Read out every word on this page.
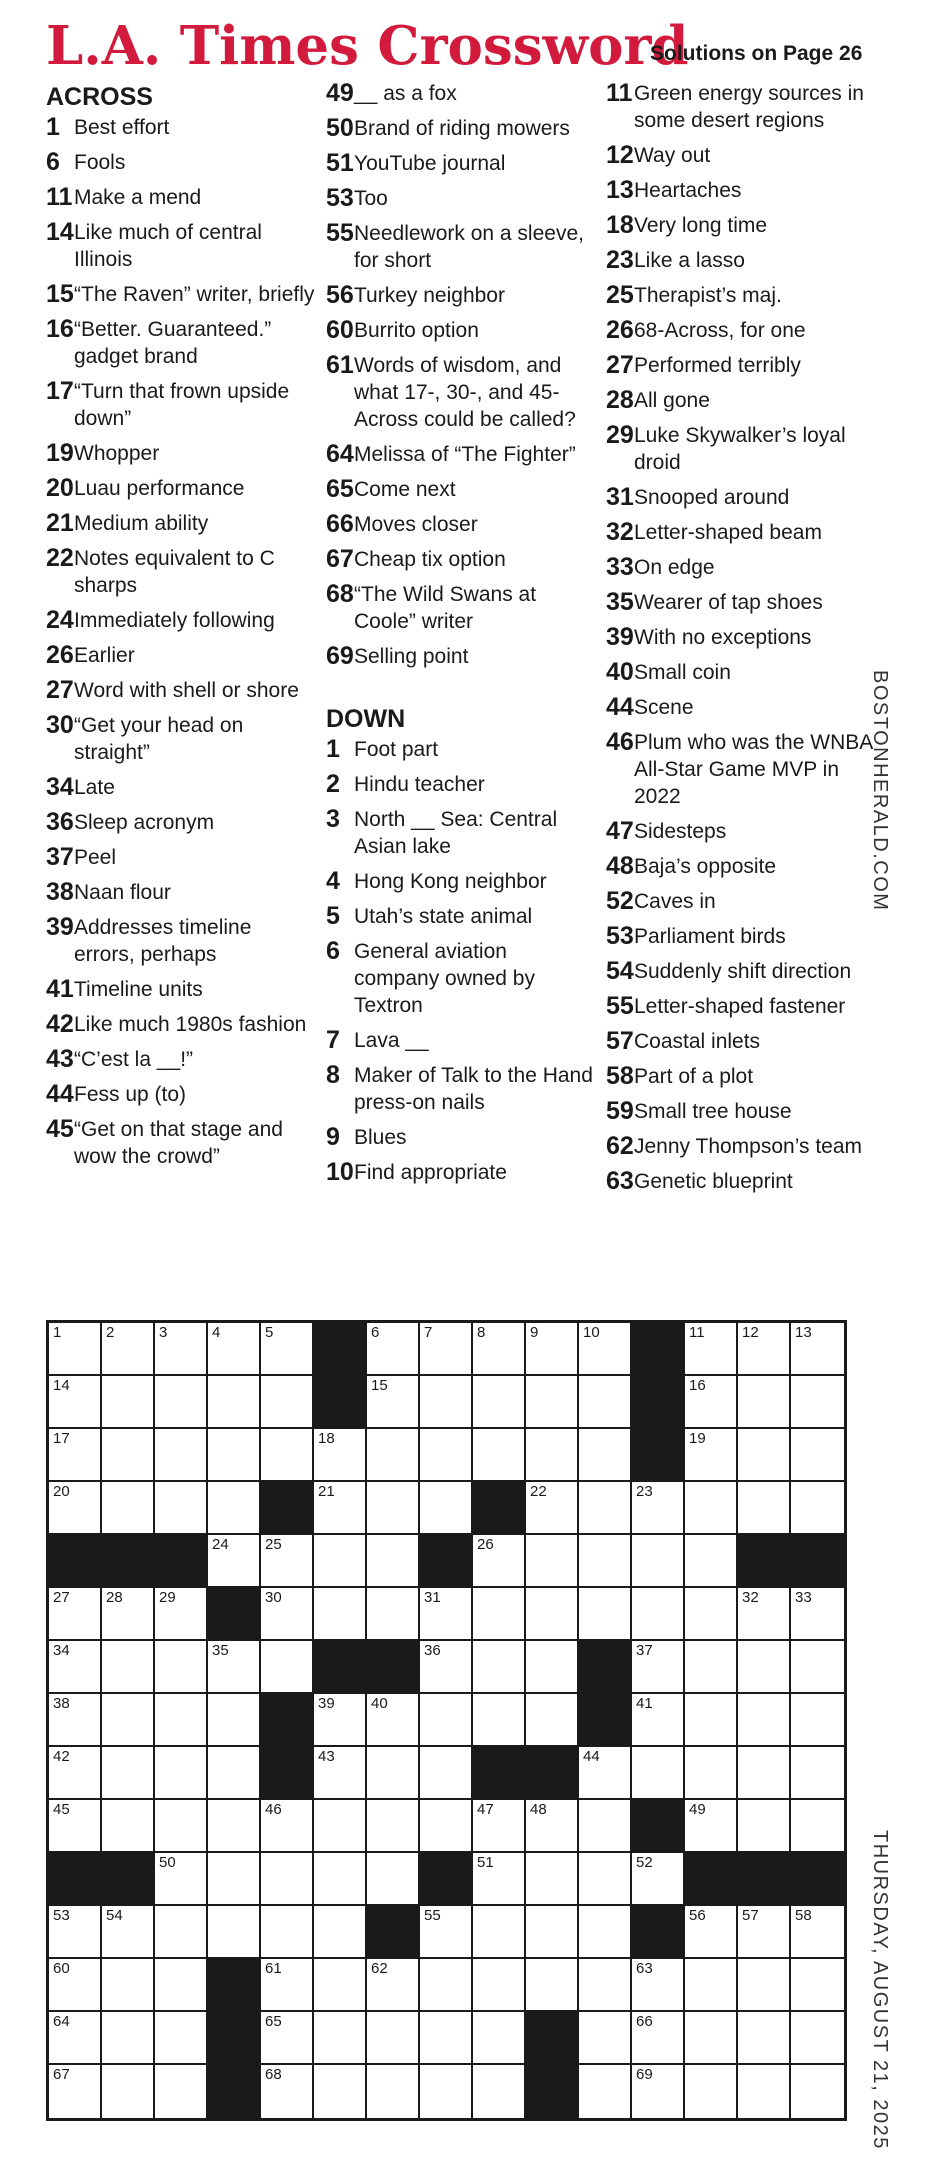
L.A. Times Crossword
Solutions on Page 26
ACROSS
1 Best effort
6 Fools
11 Make a mend
14 Like much of central Illinois
15 “The Raven” writer, briefly
16 “Better. Guaranteed.” gadget brand
17 “Turn that frown upside down”
19 Whopper
20 Luau performance
21 Medium ability
22 Notes equivalent to C sharps
24 Immediately following
26 Earlier
27 Word with shell or shore
30 “Get your head on straight”
34 Late
36 Sleep acronym
37 Peel
38 Naan flour
39 Addresses timeline errors, perhaps
41 Timeline units
42 Like much 1980s fashion
43 “C’est la __!”
44 Fess up (to)
45 “Get on that stage and wow the crowd”
49 __ as a fox
50 Brand of riding mowers
51 YouTube journal
53 Too
55 Needlework on a sleeve, for short
56 Turkey neighbor
60 Burrito option
61 Words of wisdom, and what 17-, 30-, and 45-Across could be called?
64 Melissa of “The Fighter”
65 Come next
66 Moves closer
67 Cheap tix option
68 “The Wild Swans at Coole” writer
69 Selling point
DOWN
1 Foot part
2 Hindu teacher
3 North __ Sea: Central Asian lake
4 Hong Kong neighbor
5 Utah’s state animal
6 General aviation company owned by Textron
7 Lava __
8 Maker of Talk to the Hand press-on nails
9 Blues
10 Find appropriate
11 Green energy sources in some desert regions
12 Way out
13 Heartaches
18 Very long time
23 Like a lasso
25 Therapist’s maj.
26 68-Across, for one
27 Performed terribly
28 All gone
29 Luke Skywalker’s loyal droid
31 Snooped around
32 Letter-shaped beam
33 On edge
35 Wearer of tap shoes
39 With no exceptions
40 Small coin
44 Scene
46 Plum who was the WNBA All-Star Game MVP in 2022
47 Sidesteps
48 Baja’s opposite
52 Caves in
53 Parliament birds
54 Suddenly shift direction
55 Letter-shaped fastener
57 Coastal inlets
58 Part of a plot
59 Small tree house
62 Jenny Thompson’s team
63 Genetic blueprint
BOSTONHERALD.COM
THURSDAY, AUGUST 21, 2025
1	2	3	4	5	6	7	8	9	10	11 12 13
14	15	16
17	18	19
20	21	22	23
24 25	26
27 28 29	30	31	32 33
34	35	36	37
38	39 40	41
42	43	44
45	46	47 48	49
50	51	52
53 54	55	56 57 58
60	61	62	63
64	65	66
67	68	69
